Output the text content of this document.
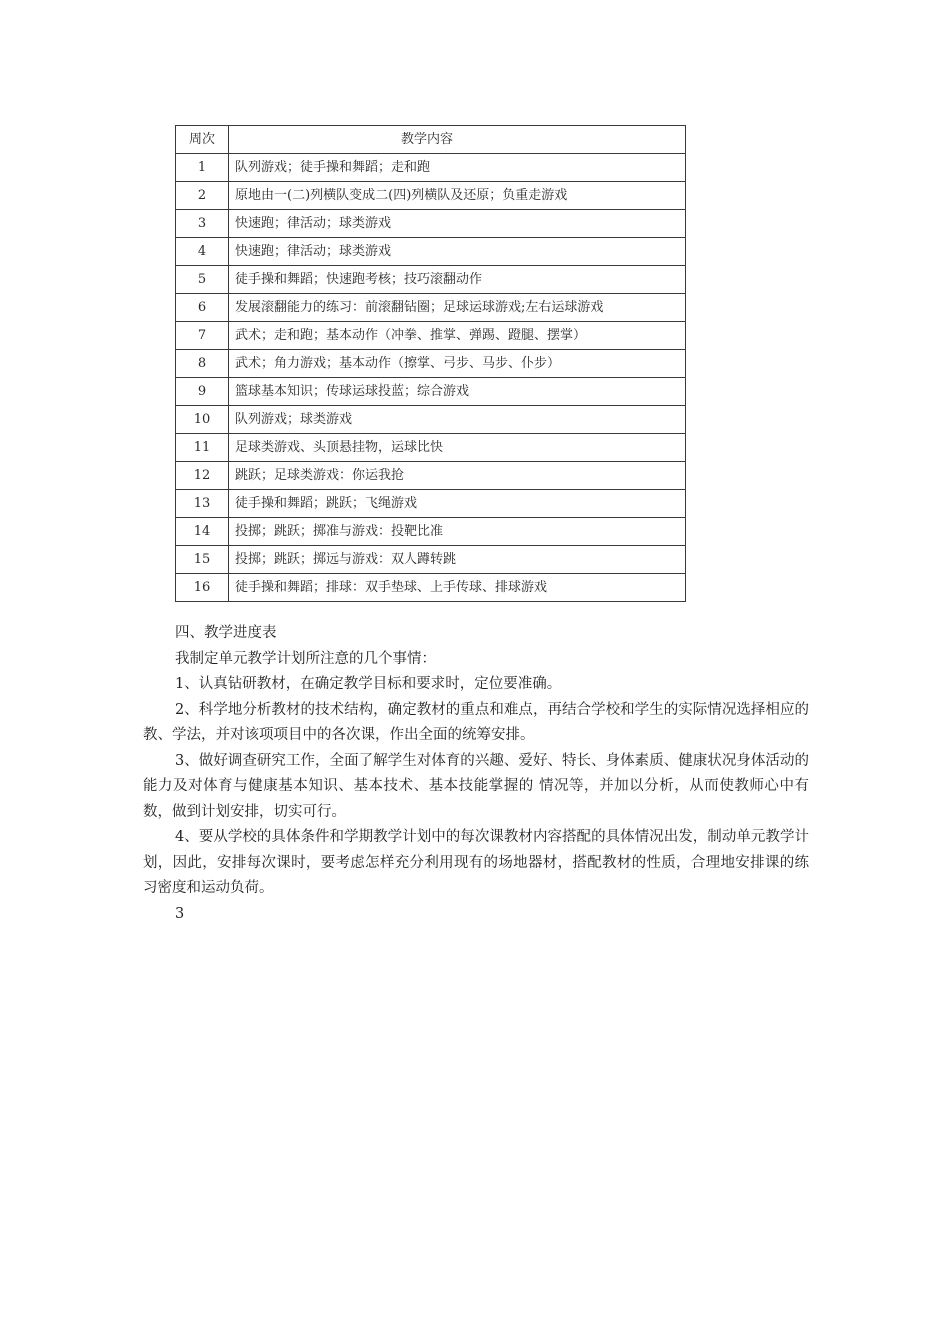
周次	教学内容
1	队列游戏；徒手操和舞蹈；走和跑
2	原地由一(二)列横队变成二(四)列横队及还原；负重走游戏
3	快速跑；律活动；球类游戏
4	快速跑；律活动；球类游戏
5	徒手操和舞蹈；快速跑考核；技巧滚翻动作
6	发展滚翻能力的练习：前滚翻钻圈；足球运球游戏;左右运球游戏
7	武术；走和跑；基本动作（冲拳、推掌、弹踢、蹬腿、摆掌）
8	武术；角力游戏；基本动作（擦掌、弓步、马步、仆步）
9	篮球基本知识；传球运球投蓝；综合游戏
10	队列游戏；球类游戏
11	足球类游戏、头顶悬挂物，运球比快
12	跳跃；足球类游戏：你运我抢
13	徒手操和舞蹈；跳跃；飞绳游戏
14	投掷；跳跃；掷准与游戏：投靶比准
15	投掷；跳跃；掷远与游戏：双人蹲转跳
16	徒手操和舞蹈；排球：双手垫球、上手传球、排球游戏

四、教学进度表

我制定单元教学计划所注意的几个事情：

1、认真钻研教材，在确定教学目标和要求时，定位要准确。

2、科学地分析教材的技术结构，确定教材的重点和难点，再结合学校和学生的实际情况选择相应的教、学法，并对该项项目中的各次课，作出全面的统筹安排。

3、做好调查研究工作，全面了解学生对体育的兴趣、爱好、特长、身体素质、健康状况身体活动的能力及对体育与健康基本知识、基本技术、基本技能掌握的 情况等，并加以分析，从而使教师心中有数，做到计划安排，切实可行。

4、要从学校的具体条件和学期教学计划中的每次课教材内容搭配的具体情况出发，制动单元教学计划，因此，安排每次课时，要考虑怎样充分利用现有的场地器材，搭配教材的性质，合理地安排课的练习密度和运动负荷。

3
